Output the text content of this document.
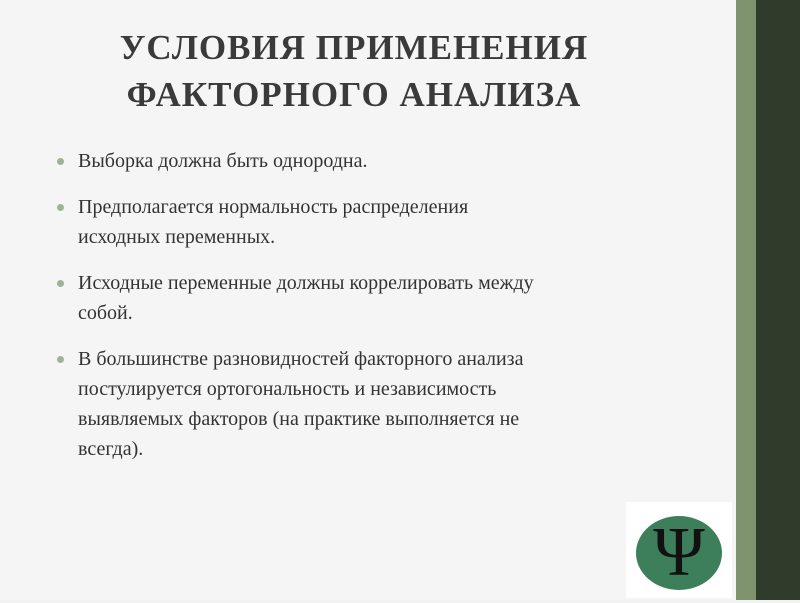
УСЛОВИЯ ПРИМЕНЕНИЯ
ФАКТОРНОГО АНАЛИЗА
Выборка должна быть однородна.
Предполагается нормальность распределения
исходных переменных.
Исходные переменные должны коррелировать между
собой.
В большинстве разновидностей факторного анализа
постулируется ортогональность и независимость
выявляемых факторов (на практике выполняется не
всегда).
Ψ
